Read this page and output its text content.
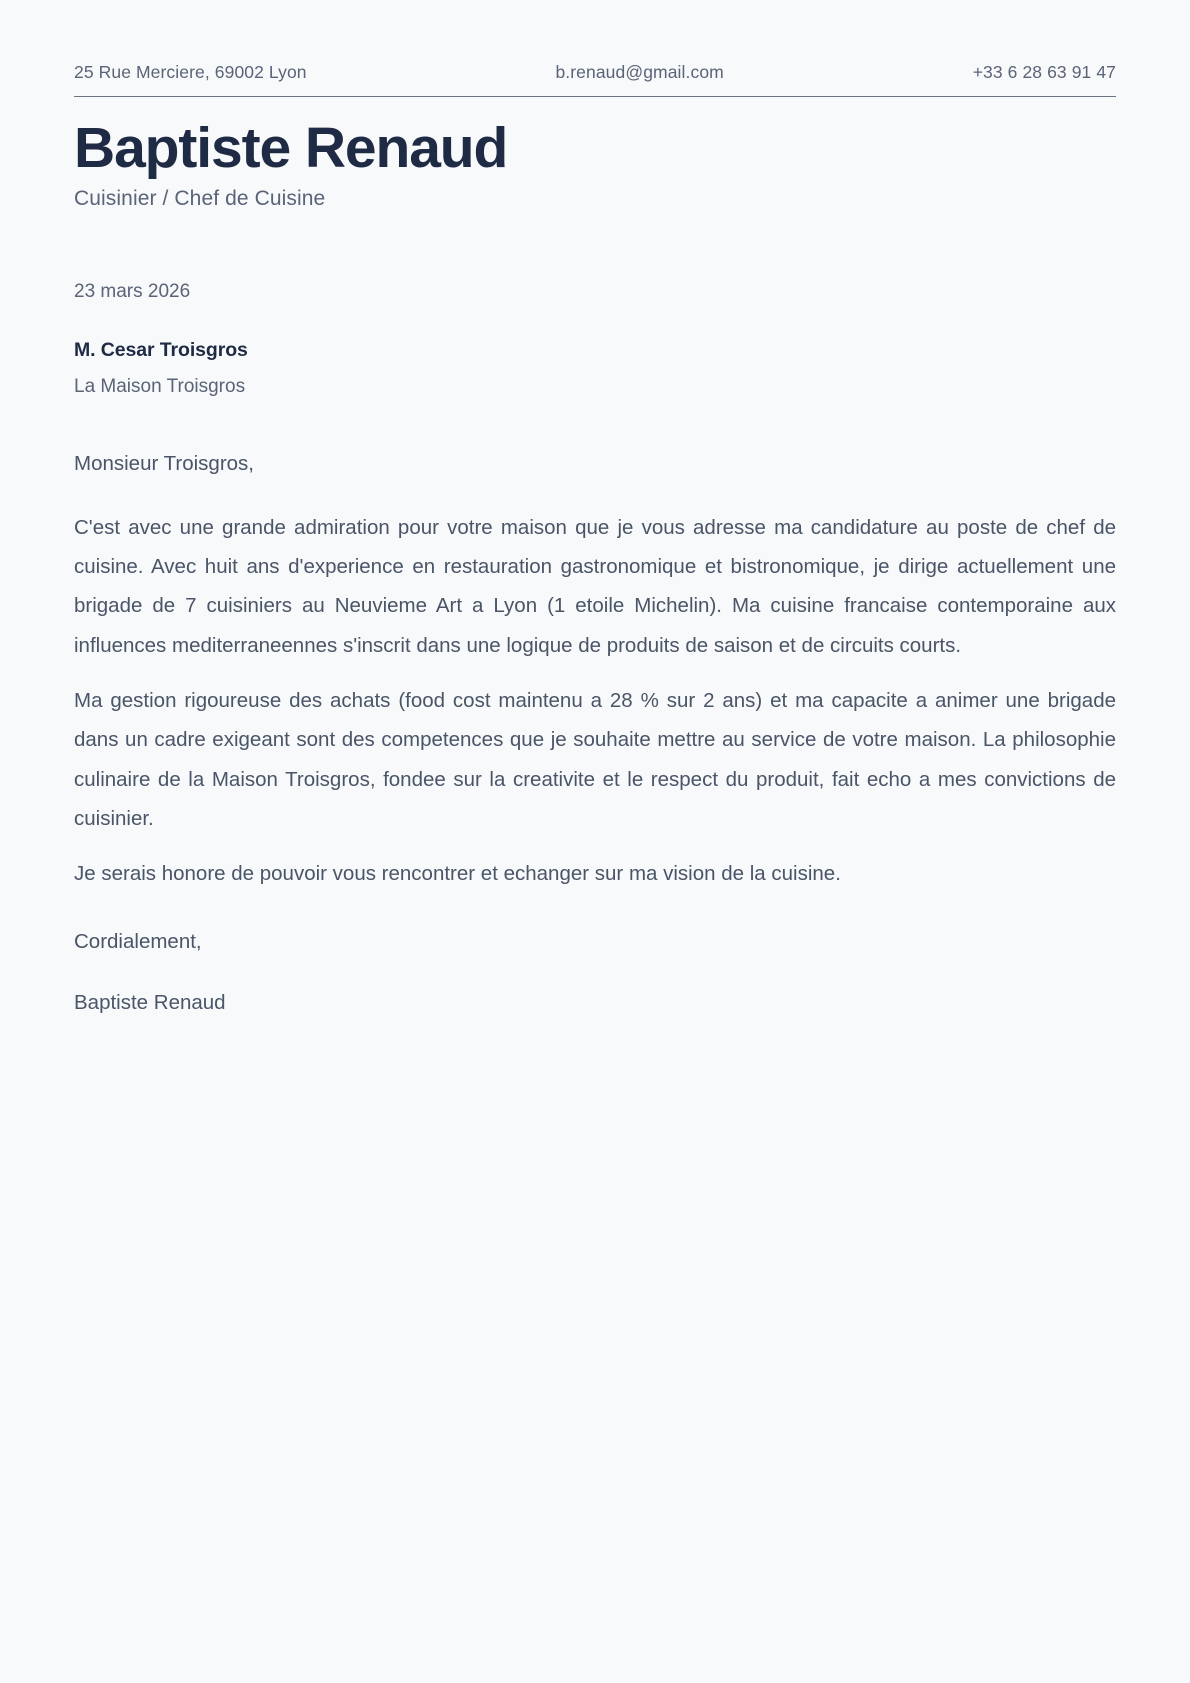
25 Rue Merciere, 69002 Lyon	b.renaud@gmail.com	+33 6 28 63 91 47
Baptiste Renaud

Cuisinier / Chef de Cuisine

23 mars 2026

M. Cesar Troisgros

La Maison Troisgros

Monsieur Troisgros,

C'est avec une grande admiration pour votre maison que je vous adresse ma candidature au poste de chef de cuisine. Avec huit ans d'experience en restauration gastronomique et bistronomique, je dirige actuellement une brigade de 7 cuisiniers au Neuvieme Art a Lyon (1 etoile Michelin). Ma cuisine francaise contemporaine aux influences mediterraneennes s'inscrit dans une logique de produits de saison et de circuits courts.

Ma gestion rigoureuse des achats (food cost maintenu a 28 % sur 2 ans) et ma capacite a animer une brigade dans un cadre exigeant sont des competences que je souhaite mettre au service de votre maison. La philosophie culinaire de la Maison Troisgros, fondee sur la creativite et le respect du produit, fait echo a mes convictions de cuisinier.

Je serais honore de pouvoir vous rencontrer et echanger sur ma vision de la cuisine.

Cordialement,

Baptiste Renaud
